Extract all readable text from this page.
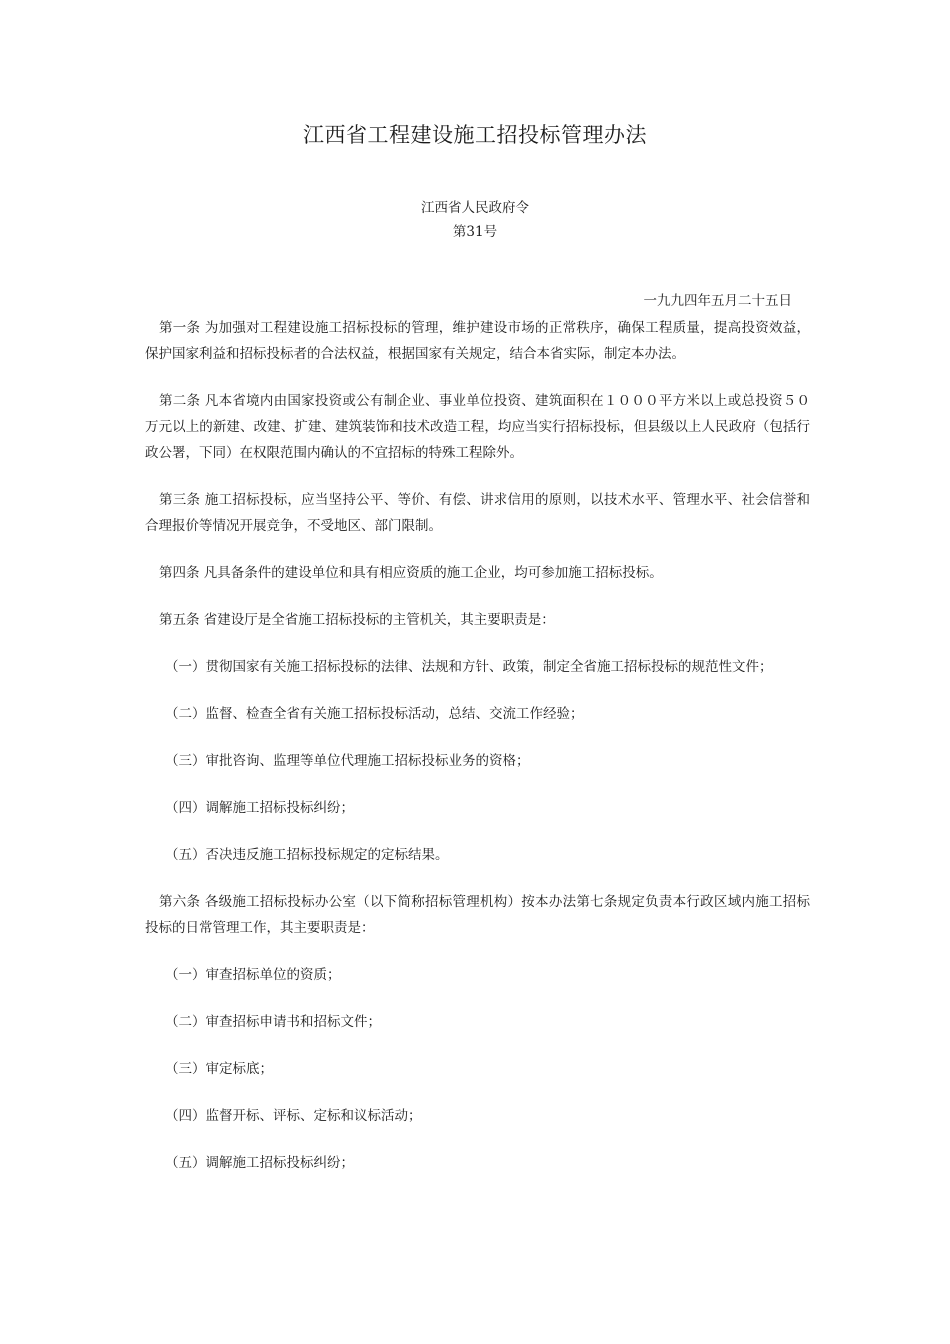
江西省工程建设施工招投标管理办法
江西省人民政府令
第31号
一九九四年五月二十五日

第一条 为加强对工程建设施工招标投标的管理，维护建设市场的正常秩序，确保工程质量，提高投资效益，保护国家利益和招标投标者的合法权益，根据国家有关规定，结合本省实际，制定本办法。

第二条 凡本省境内由国家投资或公有制企业、事业单位投资、建筑面积在１０００平方米以上或总投资５０万元以上的新建、改建、扩建、建筑装饰和技术改造工程，均应当实行招标投标，但县级以上人民政府（包括行政公署，下同）在权限范围内确认的不宜招标的特殊工程除外。

第三条 施工招标投标，应当坚持公平、等价、有偿、讲求信用的原则，以技术水平、管理水平、社会信誉和合理报价等情况开展竞争，不受地区、部门限制。

第四条 凡具备条件的建设单位和具有相应资质的施工企业，均可参加施工招标投标。

第五条 省建设厅是全省施工招标投标的主管机关，其主要职责是：

（一）贯彻国家有关施工招标投标的法律、法规和方针、政策，制定全省施工招标投标的规范性文件；

（二）监督、检查全省有关施工招标投标活动，总结、交流工作经验；

（三）审批咨询、监理等单位代理施工招标投标业务的资格；

（四）调解施工招标投标纠纷；

（五）否决违反施工招标投标规定的定标结果。

第六条 各级施工招标投标办公室（以下简称招标管理机构）按本办法第七条规定负责本行政区域内施工招标投标的日常管理工作，其主要职责是：

（一）审查招标单位的资质；

（二）审查招标申请书和招标文件；

（三）审定标底；

（四）监督开标、评标、定标和议标活动；

（五）调解施工招标投标纠纷；
